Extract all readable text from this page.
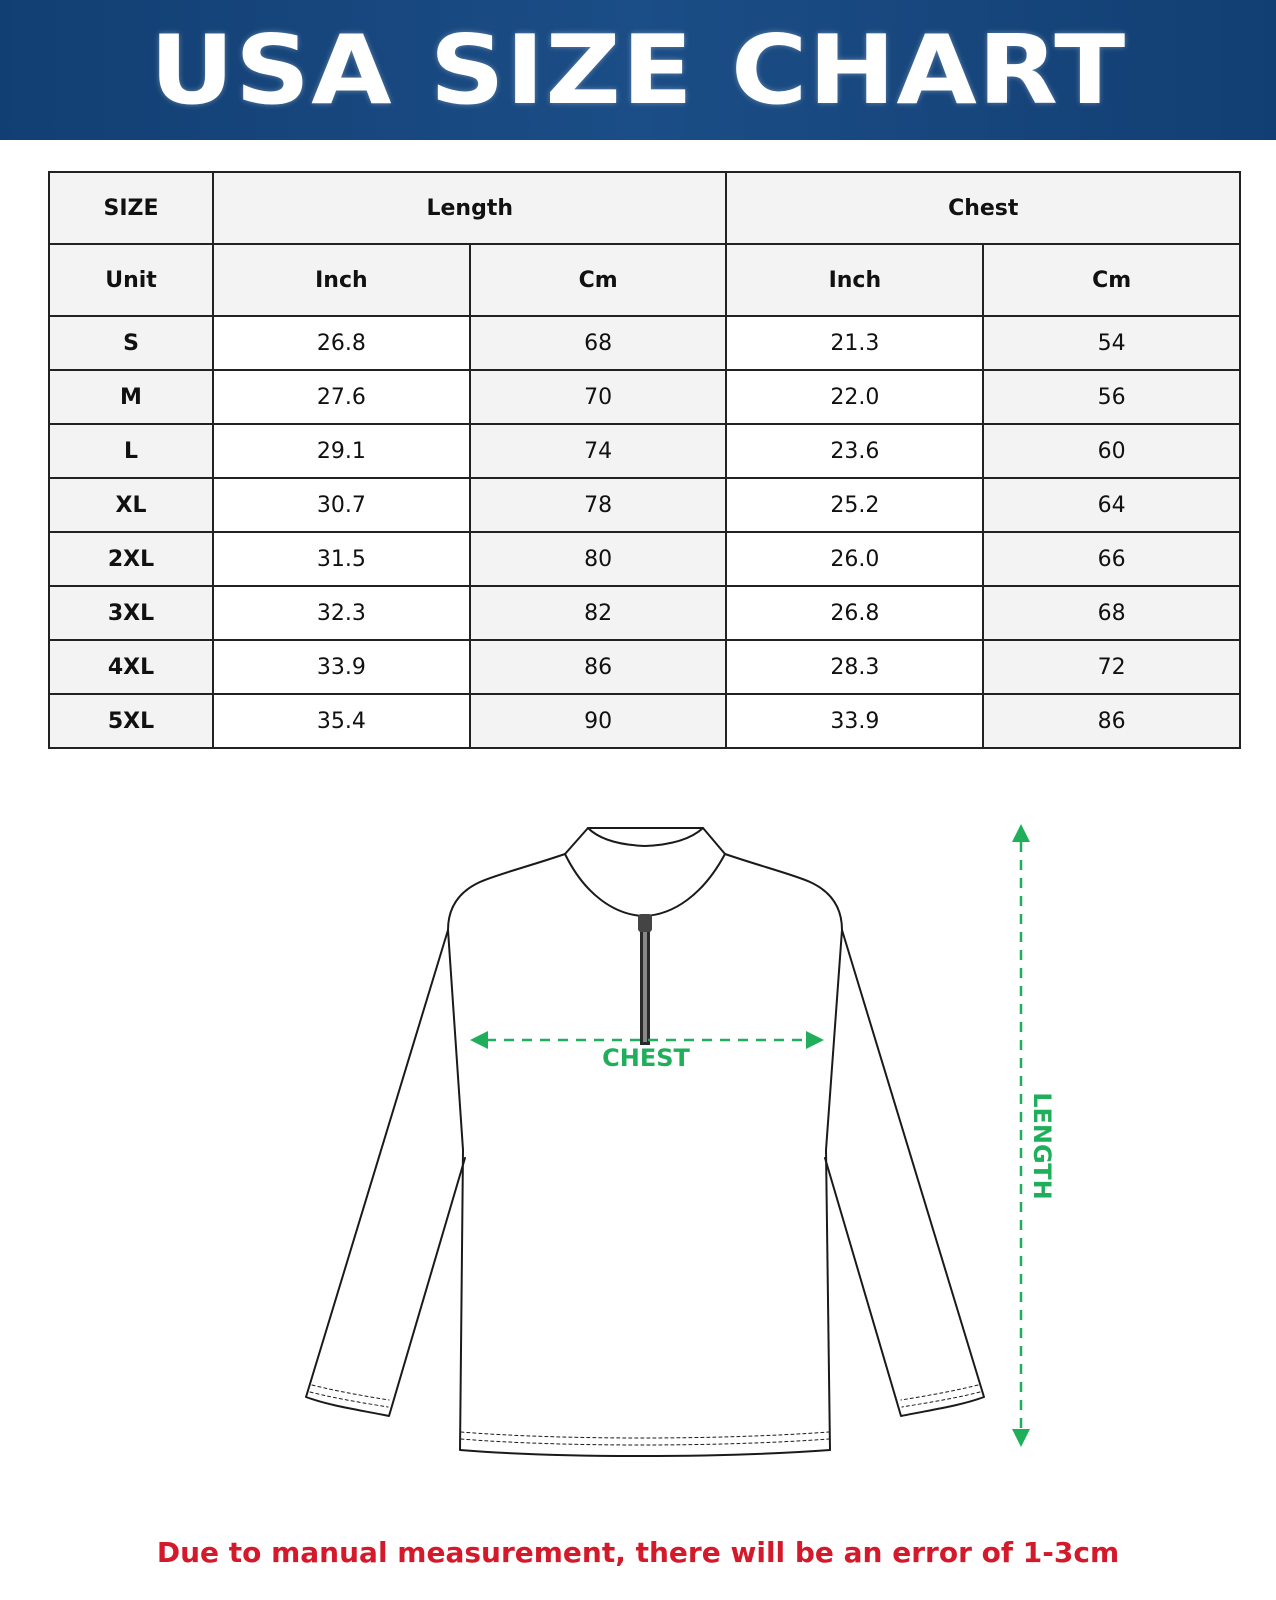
USA SIZE CHART
SIZE	Length		Chest	
Unit	Inch	Cm	Inch	Cm
S	26.8	68	21.3	54
M	27.6	70	22.0	56
L	29.1	74	23.6	60
XL	30.7	78	25.2	64
2XL	31.5	80	26.0	66
3XL	32.3	82	26.8	68
4XL	33.9	86	28.3	72
5XL	35.4	90	33.9	86
CHEST
LENGTH
Due to manual measurement, there will be an error of 1-3cm
